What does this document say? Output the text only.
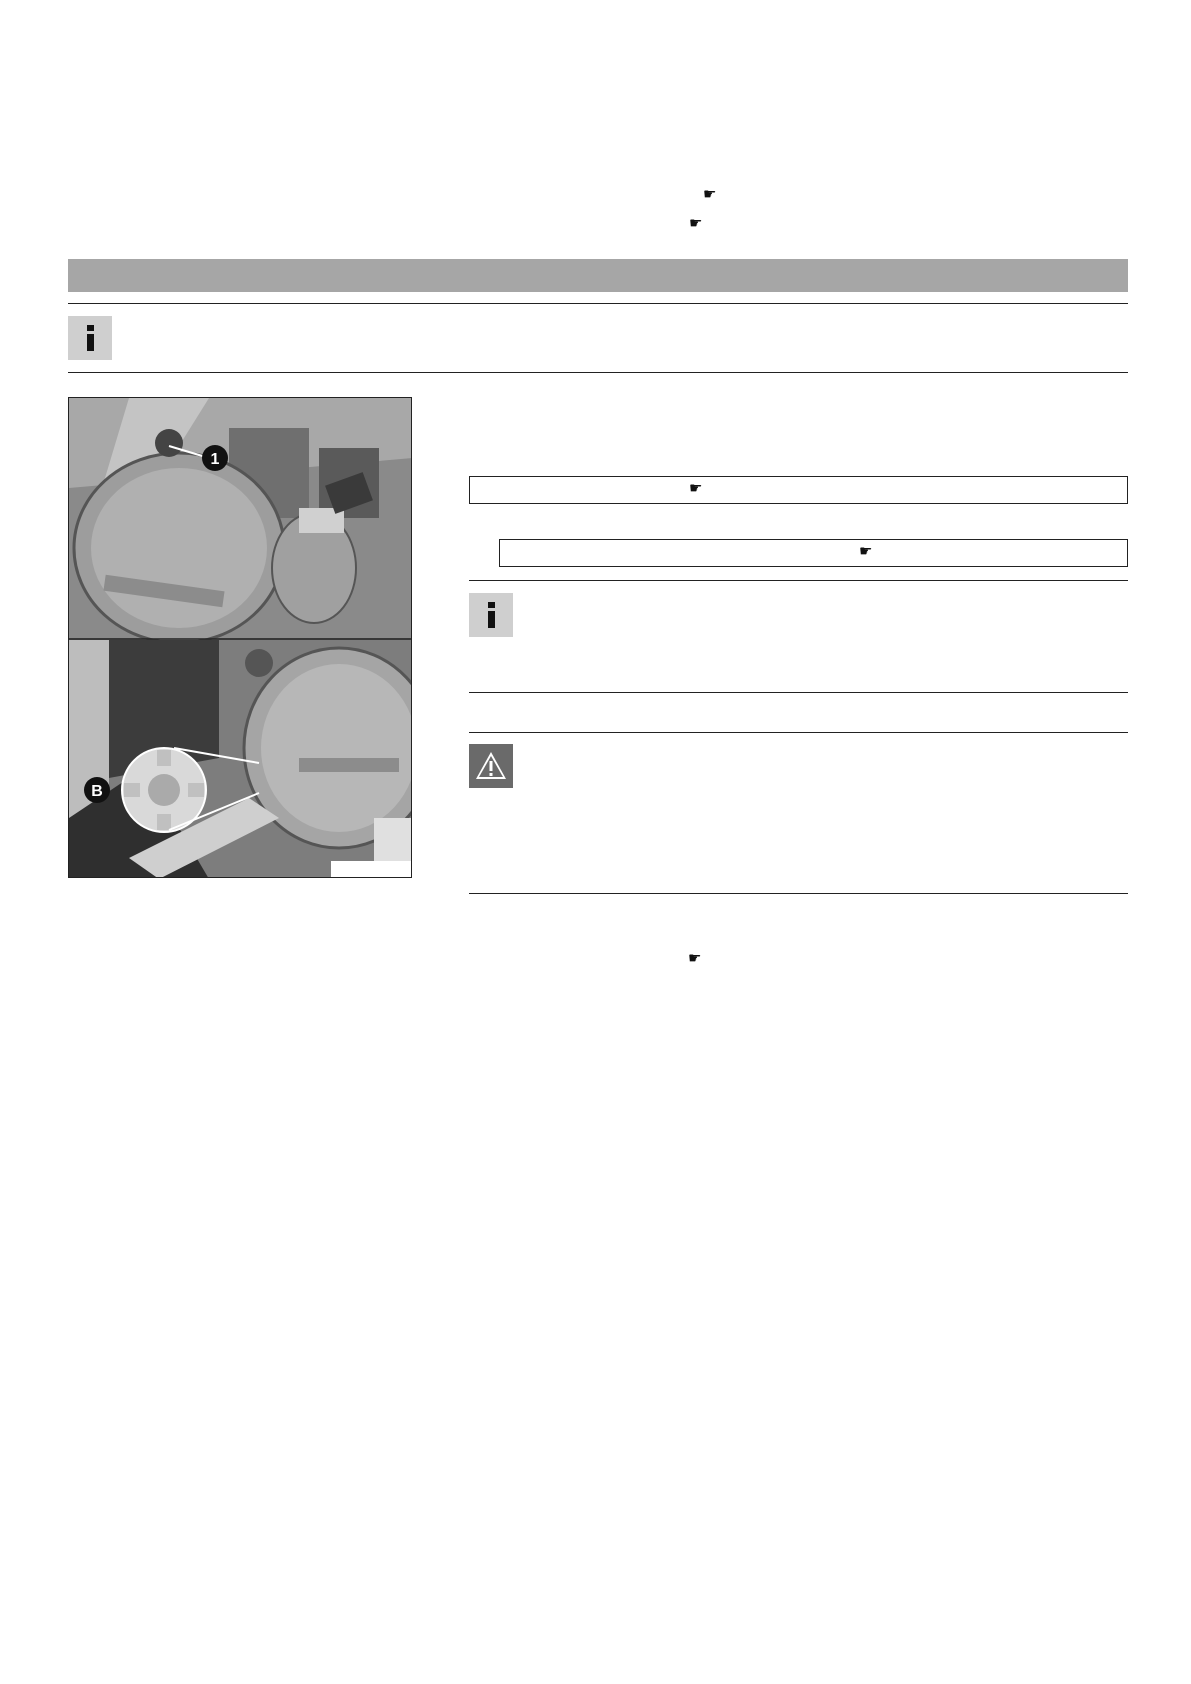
☛
☛
1
B
☛
☛
☛
